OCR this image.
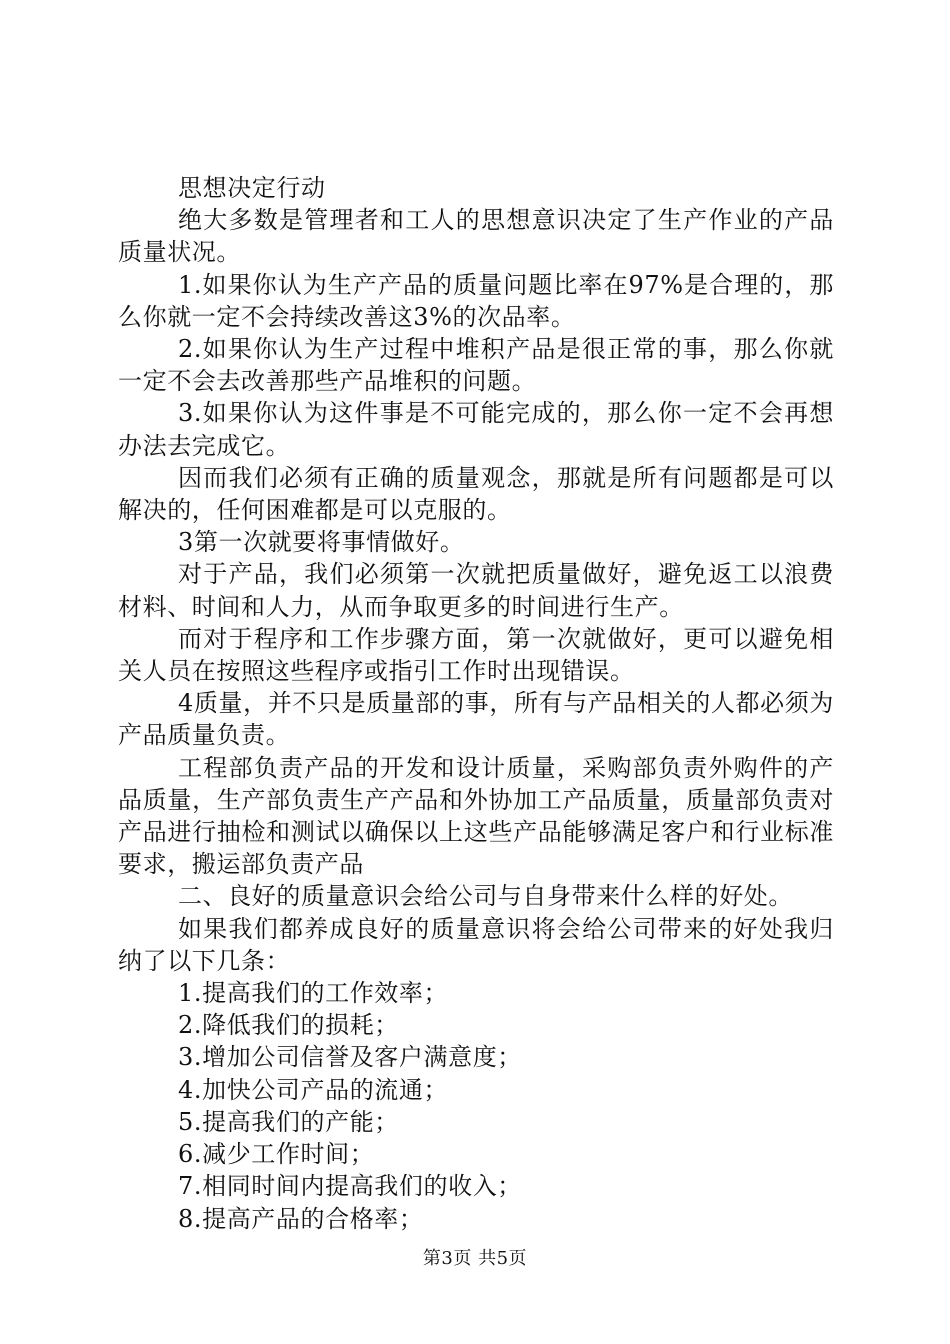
思想决定行动

绝大多数是管理者和工人的思想意识决定了生产作业的产品质量状况。

1.如果你认为生产产品的质量问题比率在97%是合理的，那么你就一定不会持续改善这3%的次品率。

2.如果你认为生产过程中堆积产品是很正常的事，那么你就一定不会去改善那些产品堆积的问题。

3.如果你认为这件事是不可能完成的，那么你一定不会再想办法去完成它。

因而我们必须有正确的质量观念，那就是所有问题都是可以解决的，任何困难都是可以克服的。

3第一次就要将事情做好。

对于产品，我们必须第一次就把质量做好，避免返工以浪费材料、时间和人力，从而争取更多的时间进行生产。

而对于程序和工作步骤方面，第一次就做好，更可以避免相关人员在按照这些程序或指引工作时出现错误。

4质量，并不只是质量部的事，所有与产品相关的人都必须为产品质量负责。

工程部负责产品的开发和设计质量，采购部负责外购件的产品质量，生产部负责生产产品和外协加工产品质量，质量部负责对产品进行抽检和测试以确保以上这些产品能够满足客户和行业标准要求，搬运部负责产品

二、良好的质量意识会给公司与自身带来什么样的好处。

如果我们都养成良好的质量意识将会给公司带来的好处我归纳了以下几条：

1.提高我们的工作效率；

2.降低我们的损耗；

3.增加公司信誉及客户满意度；

4.加快公司产品的流通；

5.提高我们的产能；

6.减少工作时间；

7.相同时间内提高我们的收入；

8.提高产品的合格率；

第3页 共5页
